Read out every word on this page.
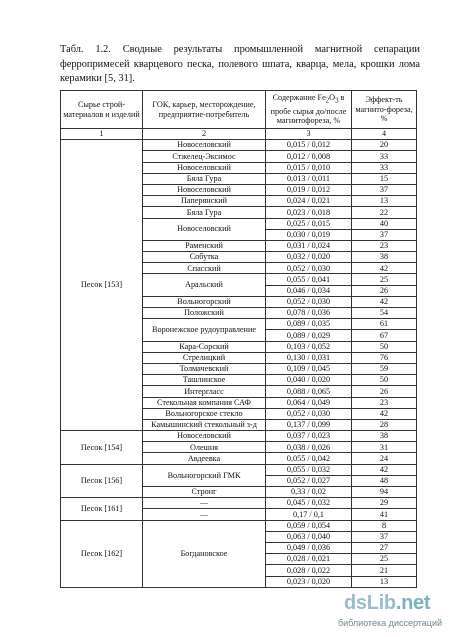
Табл. 1.2. Сводные результаты промышленной магнитной сепарации ферропримесей кварцевого песка, полевого шпата, кварца, мела, крошки лома керамики [5, 31].
Сырье строй-материалов и изделий	ГОК, карьер, месторождение, предприятие-потребитель	Содержание $Fe_2O_3$ в пробе сырья до/после магнитофореза, %	Эффект-ть магнито-фореза, %
1	2	3	4
Песок [153]	Новоселовский	0,015 / 0,012	20
	Стжелец-Эксимос	0,012 / 0,008	33
	Новоселовский	0,015 / 0,010	33
	Бяла Гура	0,013 / 0,011	15
	Новоселовский	0,019 / 0,012	37
	Паперянский	0,024 / 0,021	13
	Бяла Гура	0,023 / 0,018	22
	Новоселовский	0,025 / 0,015	40
		0,030 / 0,019	37
	Раменский	0,031 / 0,024	23
	Собутка	0,032 / 0,020	38
	Спасский	0,052 / 0,030	42
	Аральский	0,055 / 0,041	25
		0,046 / 0,034	26
	Вольногорский	0,052 / 0,030	42
	Положский	0,078 / 0,036	54
	Воронежское рудоуправление	0,089 / 0,035	61
		0,089 / 0,029	67
	Кара-Сорский	0,103 / 0,052	50
	Стрелицкий	0,130 / 0,031	76
	Толмачевский	0,109 / 0,045	59
	Ташлинское	0,040 / 0,020	50
	Интергласс	0,088 / 0,065	26
	Стекольная компания САФ	0,064 / 0,049	23
	Вольногорское стекло	0,052 / 0,030	42
	Камышинский стекольный з-д	0,137 / 0,099	28
Песок [154]	Новоселовский	0,037 / 0,023	38
	Олешня	0,038 / 0,026	31
	Авдеевка	0,055 / 0,042	24
Песок [156]	Вольногорский ГМК	0,055 / 0,032	42
		0,052 / 0,027	48
	Стронг	0,33 / 0,02	94
Песок [161]	—	0,045 / 0,032	29
	—	0,17 / 0,1	41
Песок [162]	Богдановское	0,059 / 0,054	8
		0,063 / 0,040	37
		0,049 / 0,036	27
		0,028 / 0,021	25
		0,028 / 0,022	21
		0,023 / 0,020	13
dsLib.net
библиотека диссертаций
